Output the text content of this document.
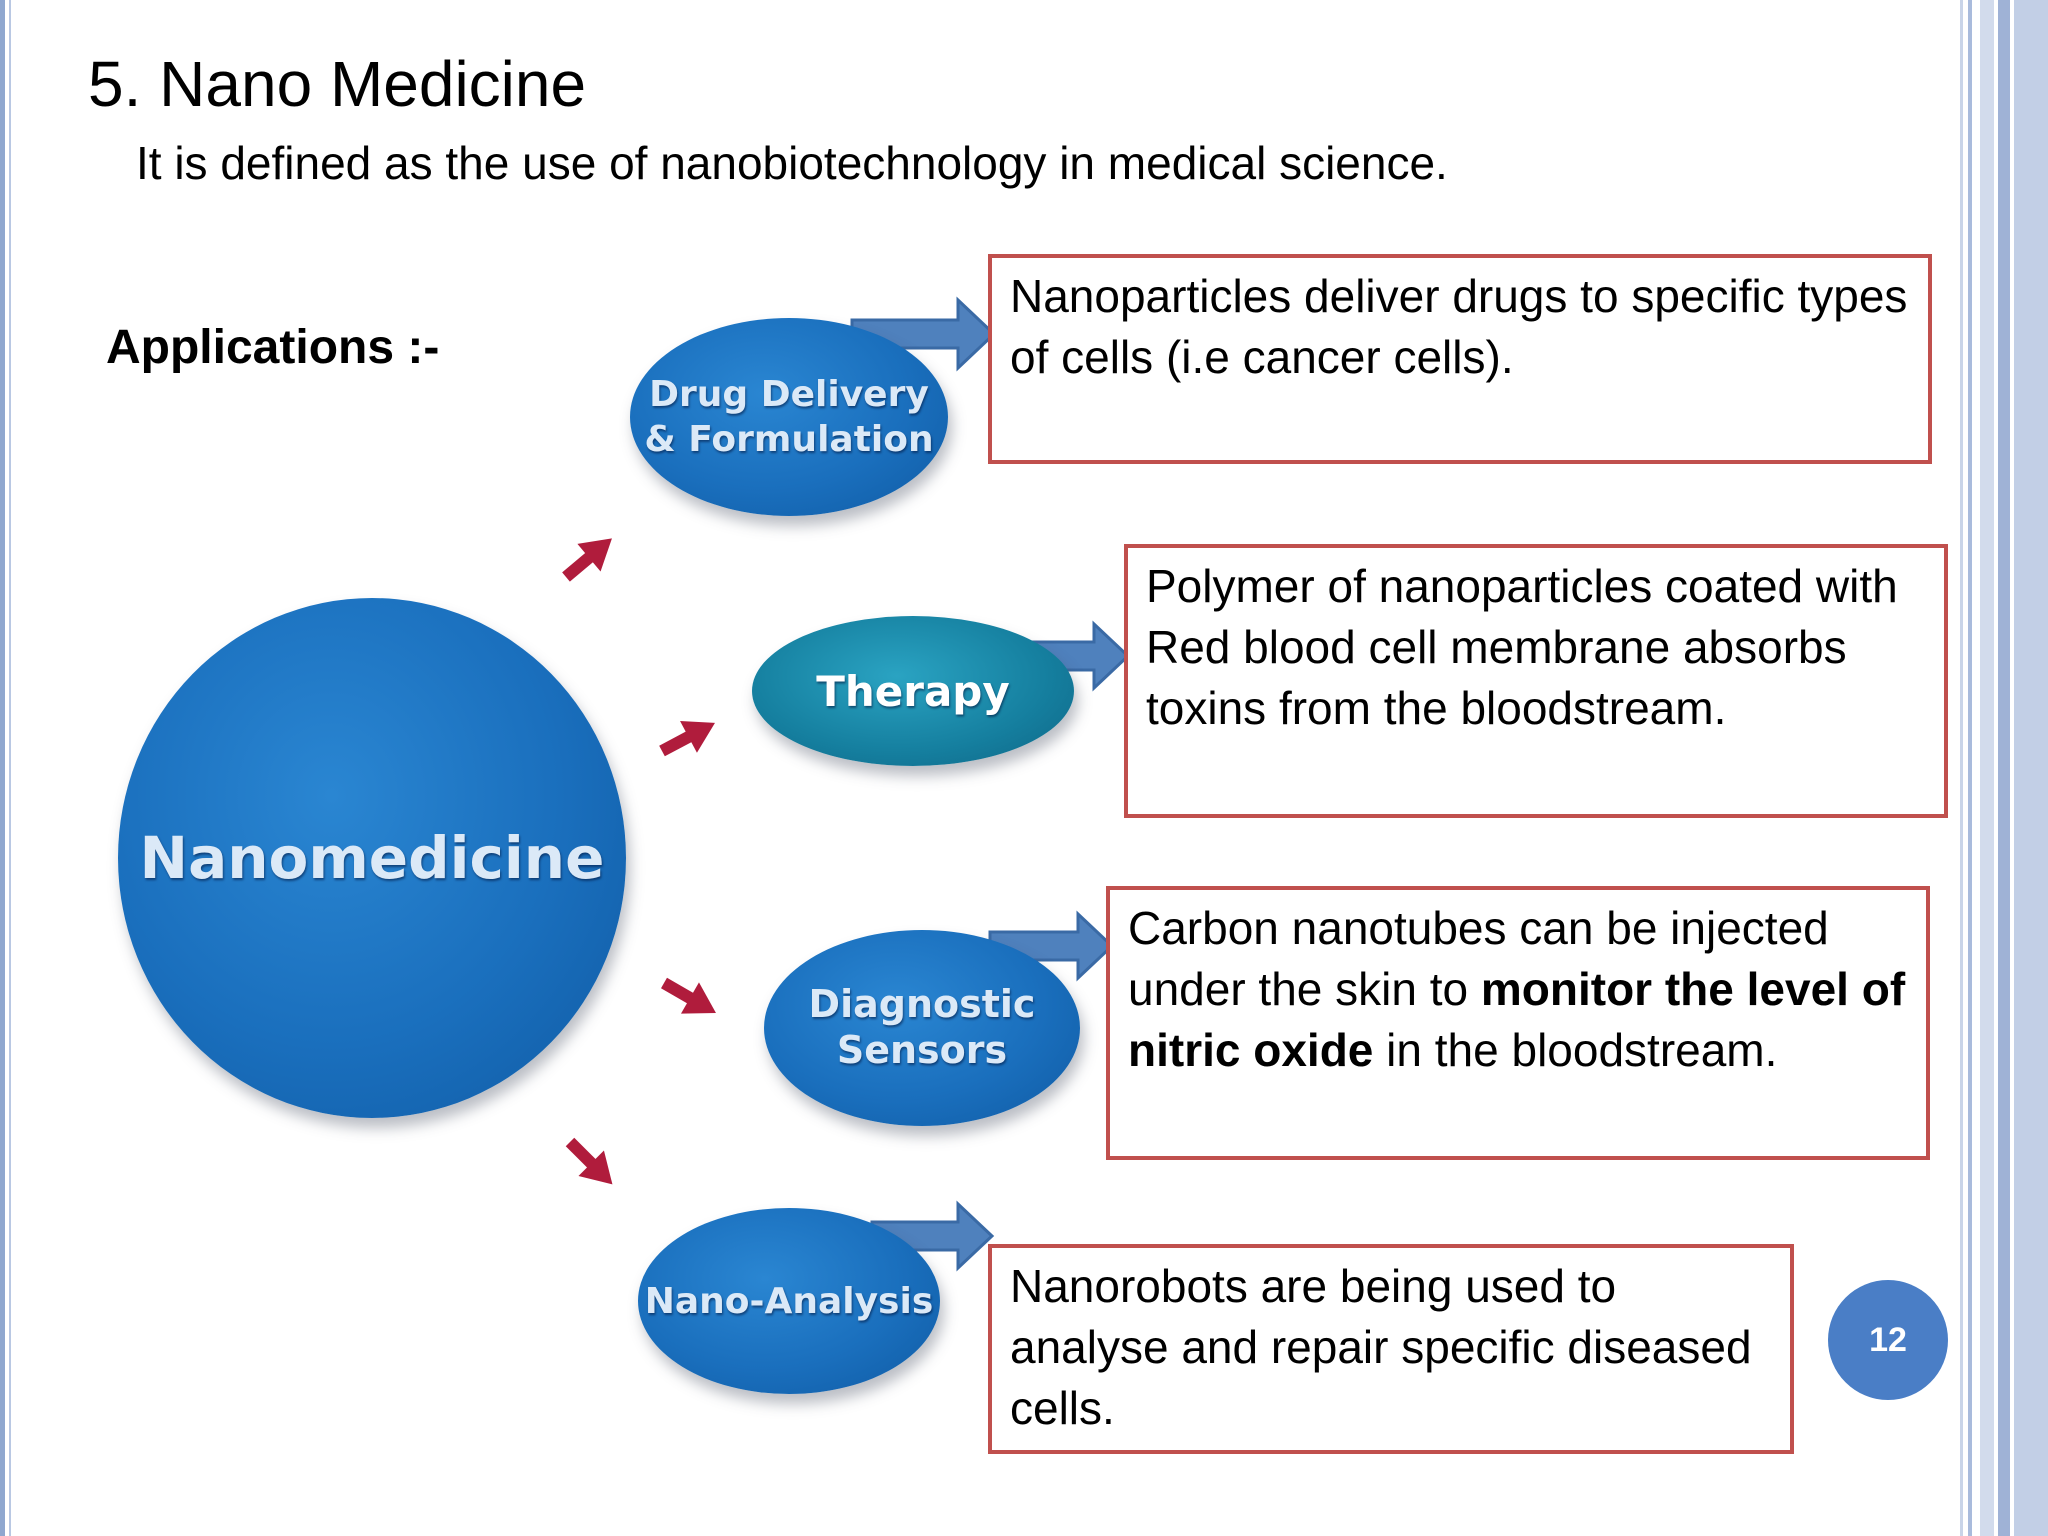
5. Nano Medicine
It is defined as the use of nanobiotechnology in medical science.
Applications :-
Nanomedicine
Drug Delivery
& Formulation
Therapy
Diagnostic
Sensors
Nano-Analysis
Nanoparticles deliver drugs to specific types of cells (i.e cancer cells).
Polymer of nanoparticles coated with Red blood cell membrane absorbs toxins from the bloodstream.
Carbon nanotubes can be injected under the skin to monitor the level of nitric oxide in the bloodstream.
Nanorobots are being used to analyse and repair specific diseased cells.
12
